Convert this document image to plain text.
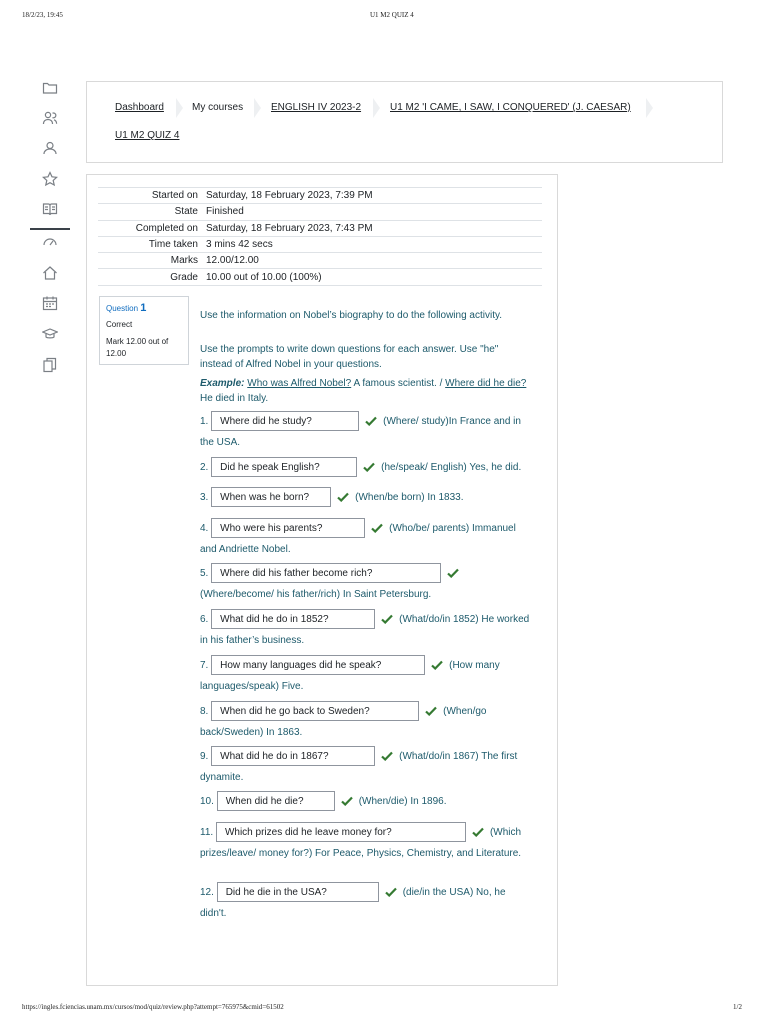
18/2/23, 19:45	U1 M2 QUIZ 4
https://ingles.fciencias.unam.mx/cursos/mod/quiz/review.php?attempt=765975&cmid=61502	1/2
Dashboard	My courses	ENGLISH IV 2023-2	U1 M2 'I CAME, I SAW, I CONQUERED' (J. CAESAR)
U1 M2 QUIZ 4
Started on	Saturday, 18 February 2023, 7:39 PM
State	Finished
Completed on	Saturday, 18 February 2023, 7:43 PM
Time taken	3 mins 42 secs
Marks	12.00/12.00
Grade	10.00 out of 10.00 (100%)
Question 1
Correct
Mark 12.00 out of 12.00
Use the information on Nobel’s biography to do the following activity.
Use the prompts to write down questions for each answer. Use "he" instead of Alfred Nobel in your questions.
Example: Who was Alfred Nobel? A famous scientist. / Where did he die? He died in Italy.
1. Where did he study?	(Where/ study)In France and in the USA.
2. Did he speak English?	(he/speak/ English) Yes, he did.
3. When was he born?	(When/be born) In 1833.
4. Who were his parents?	(Who/be/ parents) Immanuel and Andriette Nobel.
5. Where did his father become rich?
(Where/become/ his father/rich) In Saint Petersburg.
6. What did he do in 1852?	(What/do/in 1852) He worked in his father’s business.
7. How many languages did he speak?	(How many languages/speak) Five.
8. When did he go back to Sweden?	(When/go back/Sweden) In 1863.
9. What did he do in 1867?	(What/do/in 1867) The first dynamite.
10. When did he die?	(When/die) In 1896.
11. Which prizes did he leave money for?	(Which prizes/leave/ money for?) For Peace, Physics, Chemistry, and Literature.
12. Did he die in the USA?	(die/in the USA) No, he didn't.
